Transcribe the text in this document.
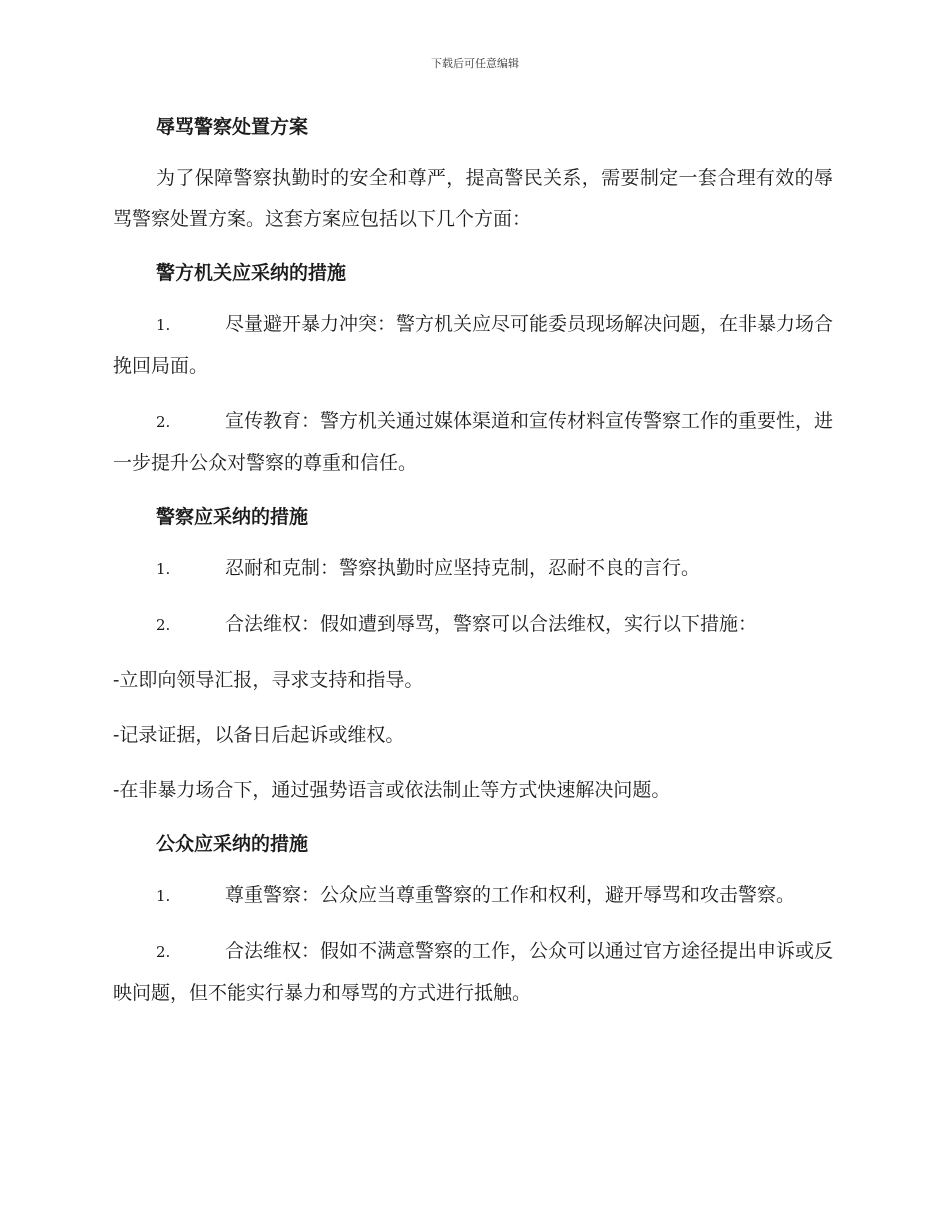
下载后可任意编辑

辱骂警察处置方案

为了保障警察执勤时的安全和尊严，提高警民关系，需要制定一套合理有效的辱骂警察处置方案。这套方案应包括以下几个方面：

警方机关应采纳的措施

1.	尽量避开暴力冲突：警方机关应尽可能委员现场解决问题，在非暴力场合挽回局面。

2.	宣传教育：警方机关通过媒体渠道和宣传材料宣传警察工作的重要性，进一步提升公众对警察的尊重和信任。

警察应采纳的措施

1.	忍耐和克制：警察执勤时应坚持克制，忍耐不良的言行。

2.	合法维权：假如遭到辱骂，警察可以合法维权，实行以下措施：

-立即向领导汇报，寻求支持和指导。

-记录证据，以备日后起诉或维权。

-在非暴力场合下，通过强势语言或依法制止等方式快速解决问题。

公众应采纳的措施

1.	尊重警察：公众应当尊重警察的工作和权利，避开辱骂和攻击警察。

2.	合法维权：假如不满意警察的工作，公众可以通过官方途径提出申诉或反映问题，但不能实行暴力和辱骂的方式进行抵触。
